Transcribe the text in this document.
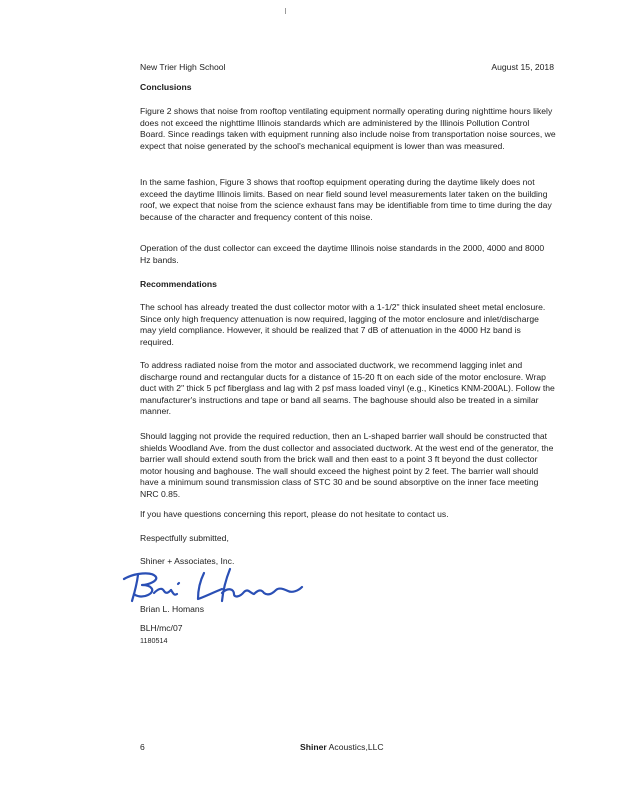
New Trier High School	August 15, 2018
Conclusions

Figure 2 shows that noise from rooftop ventilating equipment normally operating during nighttime hours likely does not exceed the nighttime Illinois standards which are administered by the Illinois Pollution Control Board. Since readings taken with equipment running also include noise from transportation noise sources, we expect that noise generated by the school's mechanical equipment is lower than was measured.

In the same fashion, Figure 3 shows that rooftop equipment operating during the daytime likely does not exceed the daytime Illinois limits. Based on near field sound level measurements later taken on the building roof, we expect that noise from the science exhaust fans may be identifiable from time to time during the day because of the character and frequency content of this noise.

Operation of the dust collector can exceed the daytime Illinois noise standards in the 2000, 4000 and 8000 Hz bands.

Recommendations

The school has already treated the dust collector motor with a 1-1/2" thick insulated sheet metal enclosure. Since only high frequency attenuation is now required, lagging of the motor enclosure and inlet/discharge may yield compliance. However, it should be realized that 7 dB of attenuation in the 4000 Hz band is required.

To address radiated noise from the motor and associated ductwork, we recommend lagging inlet and discharge round and rectangular ducts for a distance of 15-20 ft on each side of the motor enclosure. Wrap duct with 2" thick 5 pcf fiberglass and lag with 2 psf mass loaded vinyl (e.g., Kinetics KNM-200AL). Follow the manufacturer's instructions and tape or band all seams. The baghouse should also be treated in a similar manner.

Should lagging not provide the required reduction, then an L-shaped barrier wall should be constructed that shields Woodland Ave. from the dust collector and associated ductwork. At the west end of the generator, the barrier wall should extend south from the brick wall and then east to a point 3 ft beyond the dust collector motor housing and baghouse. The wall should exceed the highest point by 2 feet. The barrier wall should have a minimum sound transmission class of STC 30 and be sound absorptive on the inner face meeting NRC 0.85.

If you have questions concerning this report, please do not hesitate to contact us.

Respectfully submitted,

Shiner + Associates, Inc.
Brian L. Homans
BLH/mc/07
1180514
6	Shiner Acoustics,LLC
